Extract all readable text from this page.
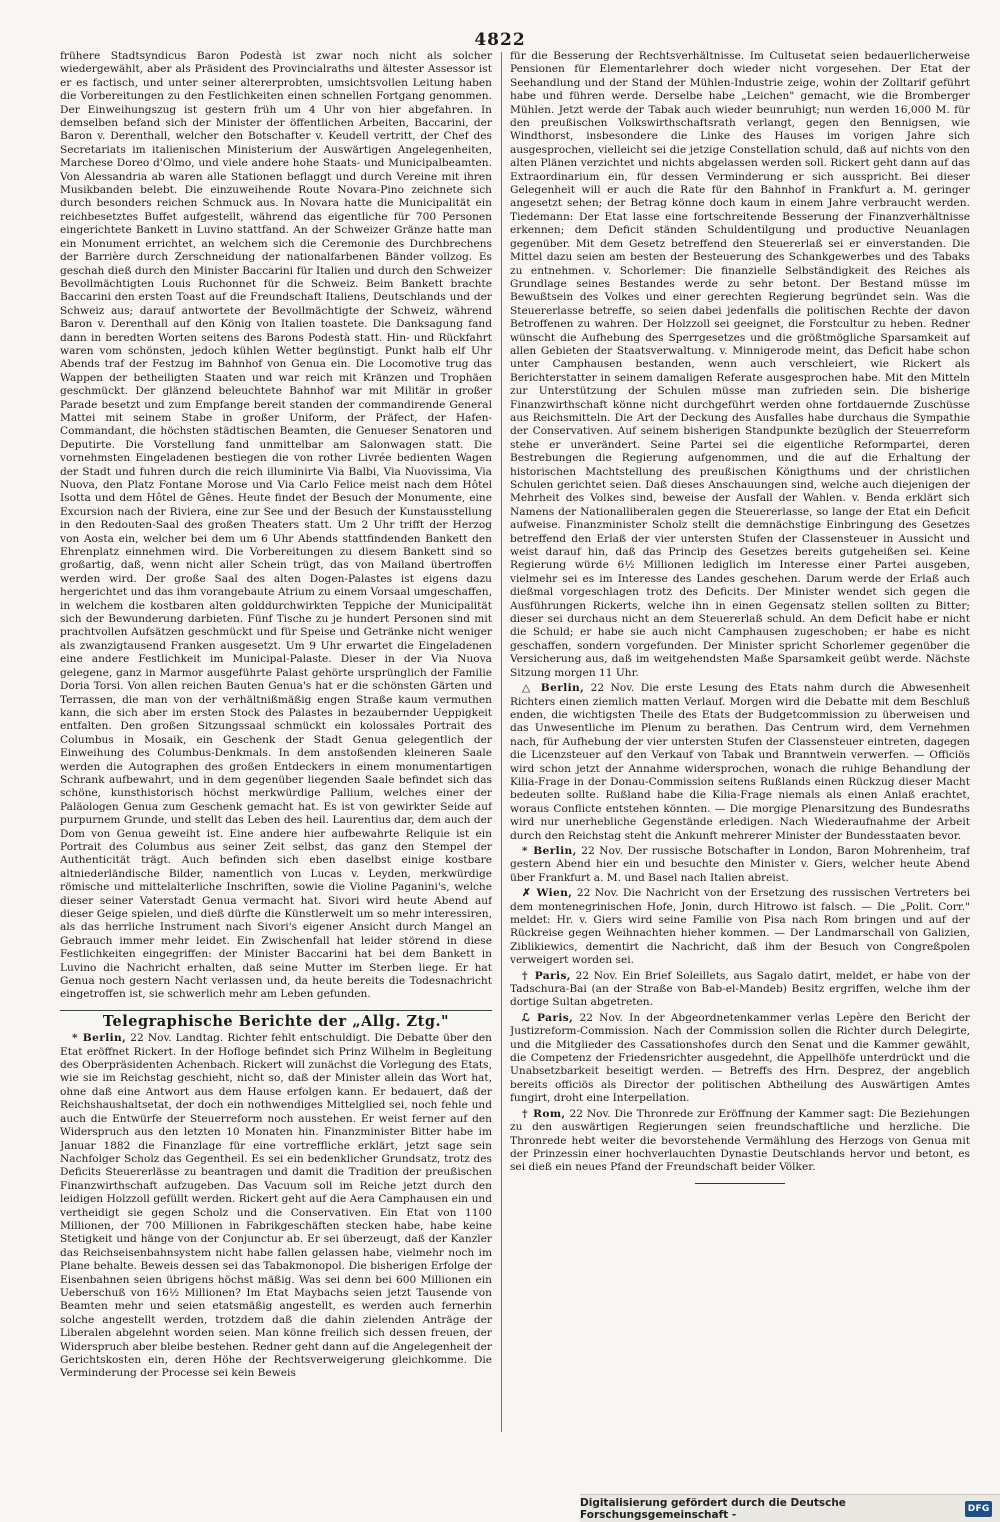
4822

frühere Stadtsyndicus Baron Podestà ist zwar noch nicht als solcher wiedergewählt, aber als Präsident des Provincialraths und ältester Assessor ist er es factisch, und unter seiner altererprobten, umsichtsvollen Leitung haben die Vorbereitungen zu den Festlichkeiten einen schnellen Fortgang genommen. Der Einweihungszug ist gestern früh um 4 Uhr von hier abgefahren. In demselben befand sich der Minister der öffentlichen Arbeiten, Baccarini, der Baron v. Derenthall, welcher den Botschafter v. Keudell vertritt, der Chef des Secretariats im italienischen Ministerium der Auswärtigen Angelegenheiten, Marchese Doreo d'Olmo, und viele andere hohe Staats- und Municipalbeamten. Von Alessandria ab waren alle Stationen beflaggt und durch Vereine mit ihren Musikbanden belebt. Die einzuweihende Route Novara-Pino zeichnete sich durch besonders reichen Schmuck aus. In Novara hatte die Municipalität ein reichbesetztes Buffet aufgestellt, während das eigentliche für 700 Personen eingerichtete Bankett in Luvino stattfand. An der Schweizer Gränze hatte man ein Monument errichtet, an welchem sich die Ceremonie des Durchbrechens der Barrière durch Zerschneidung der nationalfarbenen Bänder vollzog. Es geschah dieß durch den Minister Baccarini für Italien und durch den Schweizer Bevollmächtigten Louis Ruchonnet für die Schweiz. Beim Bankett brachte Baccarini den ersten Toast auf die Freundschaft Italiens, Deutschlands und der Schweiz aus; darauf antwortete der Bevollmächtigte der Schweiz, während Baron v. Derenthall auf den König von Italien toastete. Die Danksagung fand dann in beredten Worten seitens des Barons Podestà statt. Hin- und Rückfahrt waren vom schönsten, jedoch kühlen Wetter begünstigt. Punkt halb elf Uhr Abends traf der Festzug im Bahnhof von Genua ein. Die Locomotive trug das Wappen der betheiligten Staaten und war reich mit Kränzen und Trophäen geschmückt. Der glänzend beleuchtete Bahnhof war mit Militär in großer Parade besetzt und zum Empfange bereit standen der commandirende General Mattei mit seinem Stabe in großer Uniform, der Präfect, der Hafen-Commandant, die höchsten städtischen Beamten, die Genueser Senatoren und Deputirte. Die Vorstellung fand unmittelbar am Salonwagen statt. Die vornehmsten Eingeladenen bestiegen die von rother Livrée bedienten Wagen der Stadt und fuhren durch die reich illuminirte Via Balbi, Via Nuovissima, Via Nuova, den Platz Fontane Morose und Via Carlo Felice meist nach dem Hôtel Isotta und dem Hôtel de Gênes. Heute findet der Besuch der Monumente, eine Excursion nach der Riviera, eine zur See und der Besuch der Kunstausstellung in den Redouten-Saal des großen Theaters statt. Um 2 Uhr trifft der Herzog von Aosta ein, welcher bei dem um 6 Uhr Abends stattfindenden Bankett den Ehrenplatz einnehmen wird. Die Vorbereitungen zu diesem Bankett sind so großartig, daß, wenn nicht aller Schein trügt, das von Mailand übertroffen werden wird. Der große Saal des alten Dogen-Palastes ist eigens dazu hergerichtet und das ihm vorangebaute Atrium zu einem Vorsaal umgeschaffen, in welchem die kostbaren alten golddurchwirkten Teppiche der Municipalität sich der Bewunderung darbieten. Fünf Tische zu je hundert Personen sind mit prachtvollen Aufsätzen geschmückt und für Speise und Getränke nicht weniger als zwanzigtausend Franken ausgesetzt. Um 9 Uhr erwartet die Eingeladenen eine andere Festlichkeit im Municipal-Palaste. Dieser in der Via Nuova gelegene, ganz in Marmor ausgeführte Palast gehörte ursprünglich der Familie Doria Torsi. Von allen reichen Bauten Genua's hat er die schönsten Gärten und Terrassen, die man von der verhältnißmäßig engen Straße kaum vermuthen kann, die sich aber im ersten Stock des Palastes in bezaubernder Ueppigkeit entfalten. Den großen Sitzungssaal schmückt ein kolossales Portrait des Columbus in Mosaik, ein Geschenk der Stadt Genua gelegentlich der Einweihung des Columbus-Denkmals. In dem anstoßenden kleineren Saale werden die Autographen des großen Entdeckers in einem monumentartigen Schrank aufbewahrt, und in dem gegenüber liegenden Saale befindet sich das schöne, kunsthistorisch höchst merkwürdige Pallium, welches einer der Paläologen Genua zum Geschenk gemacht hat. Es ist von gewirkter Seide auf purpurnem Grunde, und stellt das Leben des heil. Laurentius dar, dem auch der Dom von Genua geweiht ist. Eine andere hier aufbewahrte Reliquie ist ein Portrait des Columbus aus seiner Zeit selbst, das ganz den Stempel der Authenticität trägt. Auch befinden sich eben daselbst einige kostbare altniederländische Bilder, namentlich von Lucas v. Leyden, merkwürdige römische und mittelalterliche Inschriften, sowie die Violine Paganini's, welche dieser seiner Vaterstadt Genua vermacht hat. Sivori wird heute Abend auf dieser Geige spielen, und dieß dürfte die Künstlerwelt um so mehr interessiren, als das herrliche Instrument nach Sivori's eigener Ansicht durch Mangel an Gebrauch immer mehr leidet. Ein Zwischenfall hat leider störend in diese Festlichkeiten eingegriffen: der Minister Baccarini hat bei dem Bankett in Luvino die Nachricht erhalten, daß seine Mutter im Sterben liege. Er hat Genua noch gestern Nacht verlassen und, da heute bereits die Todesnachricht eingetroffen ist, sie schwerlich mehr am Leben gefunden.

Telegraphische Berichte der „Allg. Ztg."

* Berlin, 22 Nov. Landtag. Richter fehlt entschuldigt. Die Debatte über den Etat eröffnet Rickert. In der Hofloge befindet sich Prinz Wilhelm in Begleitung des Oberpräsidenten Achenbach. Rickert will zunächst die Vorlegung des Etats, wie sie im Reichstag geschieht, nicht so, daß der Minister allein das Wort hat, ohne daß eine Antwort aus dem Hause erfolgen kann. Er bedauert, daß der Reichshaushaltsetat, der doch ein nothwendiges Mittelglied sei, noch fehle und auch die Entwürfe der Steuerreform noch ausstehen. Er weist ferner auf den Widerspruch aus den letzten 10 Monaten hin. Finanzminister Bitter habe im Januar 1882 die Finanzlage für eine vortreffliche erklärt, jetzt sage sein Nachfolger Scholz das Gegentheil. Es sei ein bedenklicher Grundsatz, trotz des Deficits Steuererlässe zu beantragen und damit die Tradition der preußischen Finanzwirthschaft aufzugeben. Das Vacuum soll im Reiche jetzt durch den leidigen Holzzoll gefüllt werden. Rickert geht auf die Aera Camphausen ein und vertheidigt sie gegen Scholz und die Conservativen. Ein Etat von 1100 Millionen, der 700 Millionen in Fabrikgeschäften stecken habe, habe keine Stetigkeit und hänge von der Conjunctur ab. Er sei überzeugt, daß der Kanzler das Reichseisenbahnsystem nicht habe fallen gelassen habe, vielmehr noch im Plane behalte. Beweis dessen sei das Tabakmonopol. Die bisherigen Erfolge der Eisenbahnen seien übrigens höchst mäßig. Was sei denn bei 600 Millionen ein Ueberschuß von 16½ Millionen? Im Etat Maybachs seien jetzt Tausende von Beamten mehr und seien etatsmäßig angestellt, es werden auch fernerhin solche angestellt werden, trotzdem daß die dahin zielenden Anträge der Liberalen abgelehnt worden seien. Man könne freilich sich dessen freuen, der Widerspruch aber bleibe bestehen. Redner geht dann auf die Angelegenheit der Gerichtskosten ein, deren Höhe der Rechtsverweigerung gleichkomme. Die Verminderung der Processe sei kein Beweis

für die Besserung der Rechtsverhältnisse. Im Cultusetat seien bedauerlicherweise Pensionen für Elementarlehrer doch wieder nicht vorgesehen. Der Etat der Seehandlung und der Stand der Mühlen-Industrie zeige, wohin der Zolltarif geführt habe und führen werde. Derselbe habe „Leichen" gemacht, wie die Bromberger Mühlen. Jetzt werde der Tabak auch wieder beunruhigt; nun werden 16,000 M. für den preußischen Volkswirthschaftsrath verlangt, gegen den Bennigsen, wie Windthorst, insbesondere die Linke des Hauses im vorigen Jahre sich ausgesprochen, vielleicht sei die jetzige Constellation schuld, daß auf nichts von den alten Plänen verzichtet und nichts abgelassen werden soll. Rickert geht dann auf das Extraordinarium ein, für dessen Verminderung er sich ausspricht. Bei dieser Gelegenheit will er auch die Rate für den Bahnhof in Frankfurt a. M. geringer angesetzt sehen; der Betrag könne doch kaum in einem Jahre verbraucht werden. Tiedemann: Der Etat lasse eine fortschreitende Besserung der Finanzverhältnisse erkennen; dem Deficit ständen Schuldentilgung und productive Neuanlagen gegenüber. Mit dem Gesetz betreffend den Steuererlaß sei er einverstanden. Die Mittel dazu seien am besten der Besteuerung des Schankgewerbes und des Tabaks zu entnehmen. v. Schorlemer: Die finanzielle Selbständigkeit des Reiches als Grundlage seines Bestandes werde zu sehr betont. Der Bestand müsse im Bewußtsein des Volkes und einer gerechten Regierung begründet sein. Was die Steuererlasse betreffe, so seien dabei jedenfalls die politischen Rechte der davon Betroffenen zu wahren. Der Holzzoll sei geeignet, die Forstcultur zu heben. Redner wünscht die Aufhebung des Sperrgesetzes und die größtmögliche Sparsamkeit auf allen Gebieten der Staatsverwaltung. v. Minnigerode meint, das Deficit habe schon unter Camphausen bestanden, wenn auch verschleiert, wie Rickert als Berichterstatter in seinem damaligen Referate ausgesprochen habe. Mit den Mitteln zur Unterstützung der Schulen müsse man zufrieden sein. Die bisherige Finanzwirthschaft könne nicht durchgeführt werden ohne fortdauernde Zuschüsse aus Reichsmitteln. Die Art der Deckung des Ausfalles habe durchaus die Sympathie der Conservativen. Auf seinem bisherigen Standpunkte bezüglich der Steuerreform stehe er unverändert. Seine Partei sei die eigentliche Reformpartei, deren Bestrebungen die Regierung aufgenommen, und die auf die Erhaltung der historischen Machtstellung des preußischen Königthums und der christlichen Schulen gerichtet seien. Daß dieses Anschauungen sind, welche auch diejenigen der Mehrheit des Volkes sind, beweise der Ausfall der Wahlen. v. Benda erklärt sich Namens der Nationalliberalen gegen die Steuererlasse, so lange der Etat ein Deficit aufweise. Finanzminister Scholz stellt die demnächstige Einbringung des Gesetzes betreffend den Erlaß der vier untersten Stufen der Classensteuer in Aussicht und weist darauf hin, daß das Princip des Gesetzes bereits gutgeheißen sei. Keine Regierung würde 6½ Millionen lediglich im Interesse einer Partei ausgeben, vielmehr sei es im Interesse des Landes geschehen. Darum werde der Erlaß auch dießmal vorgeschlagen trotz des Deficits. Der Minister wendet sich gegen die Ausführungen Rickerts, welche ihn in einen Gegensatz stellen sollten zu Bitter; dieser sei durchaus nicht an dem Steuererlaß schuld. An dem Deficit habe er nicht die Schuld; er habe sie auch nicht Camphausen zugeschoben; er habe es nicht geschaffen, sondern vorgefunden. Der Minister spricht Schorlemer gegenüber die Versicherung aus, daß im weitgehendsten Maße Sparsamkeit geübt werde. Nächste Sitzung morgen 11 Uhr.

△ Berlin, 22 Nov. Die erste Lesung des Etats nahm durch die Abwesenheit Richters einen ziemlich matten Verlauf. Morgen wird die Debatte mit dem Beschluß enden, die wichtigsten Theile des Etats der Budgetcommission zu überweisen und das Unwesentliche im Plenum zu berathen. Das Centrum wird, dem Vernehmen nach, für Aufhebung der vier untersten Stufen der Classensteuer eintreten, dagegen die Licenzsteuer auf den Verkauf von Tabak und Branntwein verwerfen. — Officiös wird schon jetzt der Annahme widersprochen, wonach die ruhige Behandlung der Kilia-Frage in der Donau-Commission seitens Rußlands einen Rückzug dieser Macht bedeuten sollte. Rußland habe die Kilia-Frage niemals als einen Anlaß erachtet, woraus Conflicte entstehen könnten. — Die morgige Plenarsitzung des Bundesraths wird nur unerhebliche Gegenstände erledigen. Nach Wiederaufnahme der Arbeit durch den Reichstag steht die Ankunft mehrerer Minister der Bundesstaaten bevor.

* Berlin, 22 Nov. Der russische Botschafter in London, Baron Mohrenheim, traf gestern Abend hier ein und besuchte den Minister v. Giers, welcher heute Abend über Frankfurt a. M. und Basel nach Italien abreist.

✗ Wien, 22 Nov. Die Nachricht von der Ersetzung des russischen Vertreters bei dem montenegrinischen Hofe, Jonin, durch Hitrowo ist falsch. — Die „Polit. Corr." meldet: Hr. v. Giers wird seine Familie von Pisa nach Rom bringen und auf der Rückreise gegen Weihnachten hieher kommen. — Der Landmarschall von Galizien, Ziblikiewics, dementirt die Nachricht, daß ihm der Besuch von Congreßpolen verweigert worden sei.

† Paris, 22 Nov. Ein Brief Soleillets, aus Sagalo datirt, meldet, er habe von der Tadschura-Bai (an der Straße von Bab-el-Mandeb) Besitz ergriffen, welche ihm der dortige Sultan abgetreten.

ℒ Paris, 22 Nov. In der Abgeordnetenkammer verlas Lepère den Bericht der Justizreform-Commission. Nach der Commission sollen die Richter durch Delegirte, und die Mitglieder des Cassationshofes durch den Senat und die Kammer gewählt, die Competenz der Friedensrichter ausgedehnt, die Appellhöfe unterdrückt und die Unabsetzbarkeit beseitigt werden. — Betreffs des Hrn. Desprez, der angeblich bereits officiös als Director der politischen Abtheilung des Auswärtigen Amtes fungirt, droht eine Interpellation.

† Rom, 22 Nov. Die Thronrede zur Eröffnung der Kammer sagt: Die Beziehungen zu den auswärtigen Regierungen seien freundschaftliche und herzliche. Die Thronrede hebt weiter die bevorstehende Vermählung des Herzogs von Genua mit der Prinzessin einer hochverlauchten Dynastie Deutschlands hervor und betont, es sei dieß ein neues Pfand der Freundschaft beider Völker.

Digitalisierung gefördert durch die Deutsche Forschungsgemeinschaft -	DFG
